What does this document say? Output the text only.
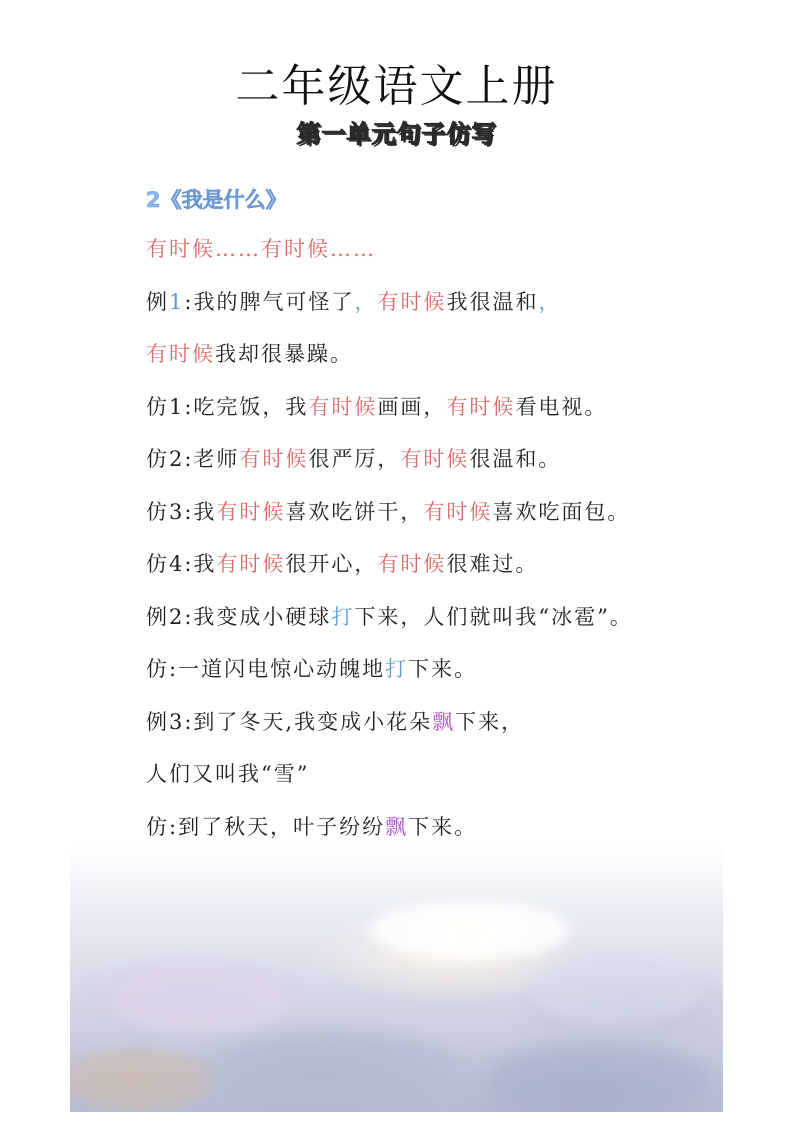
二年级语文上册
第一单元句子仿写
2《我是什么》
有时候……有时候……
例1:我的脾气可怪了，有时候我很温和，
有时候我却很暴躁。
仿1:吃完饭，我有时候画画，有时候看电视。
仿2:老师有时候很严厉，有时候很温和。
仿3:我有时候喜欢吃饼干，有时候喜欢吃面包。
仿4:我有时候很开心，有时候很难过。
例2:我变成小硬球打下来，人们就叫我“冰雹”。
仿:一道闪电惊心动魄地打下来。
例3:到了冬天,我变成小花朵飘下来，
人们又叫我“雪”
仿:到了秋天，叶子纷纷飘下来。
